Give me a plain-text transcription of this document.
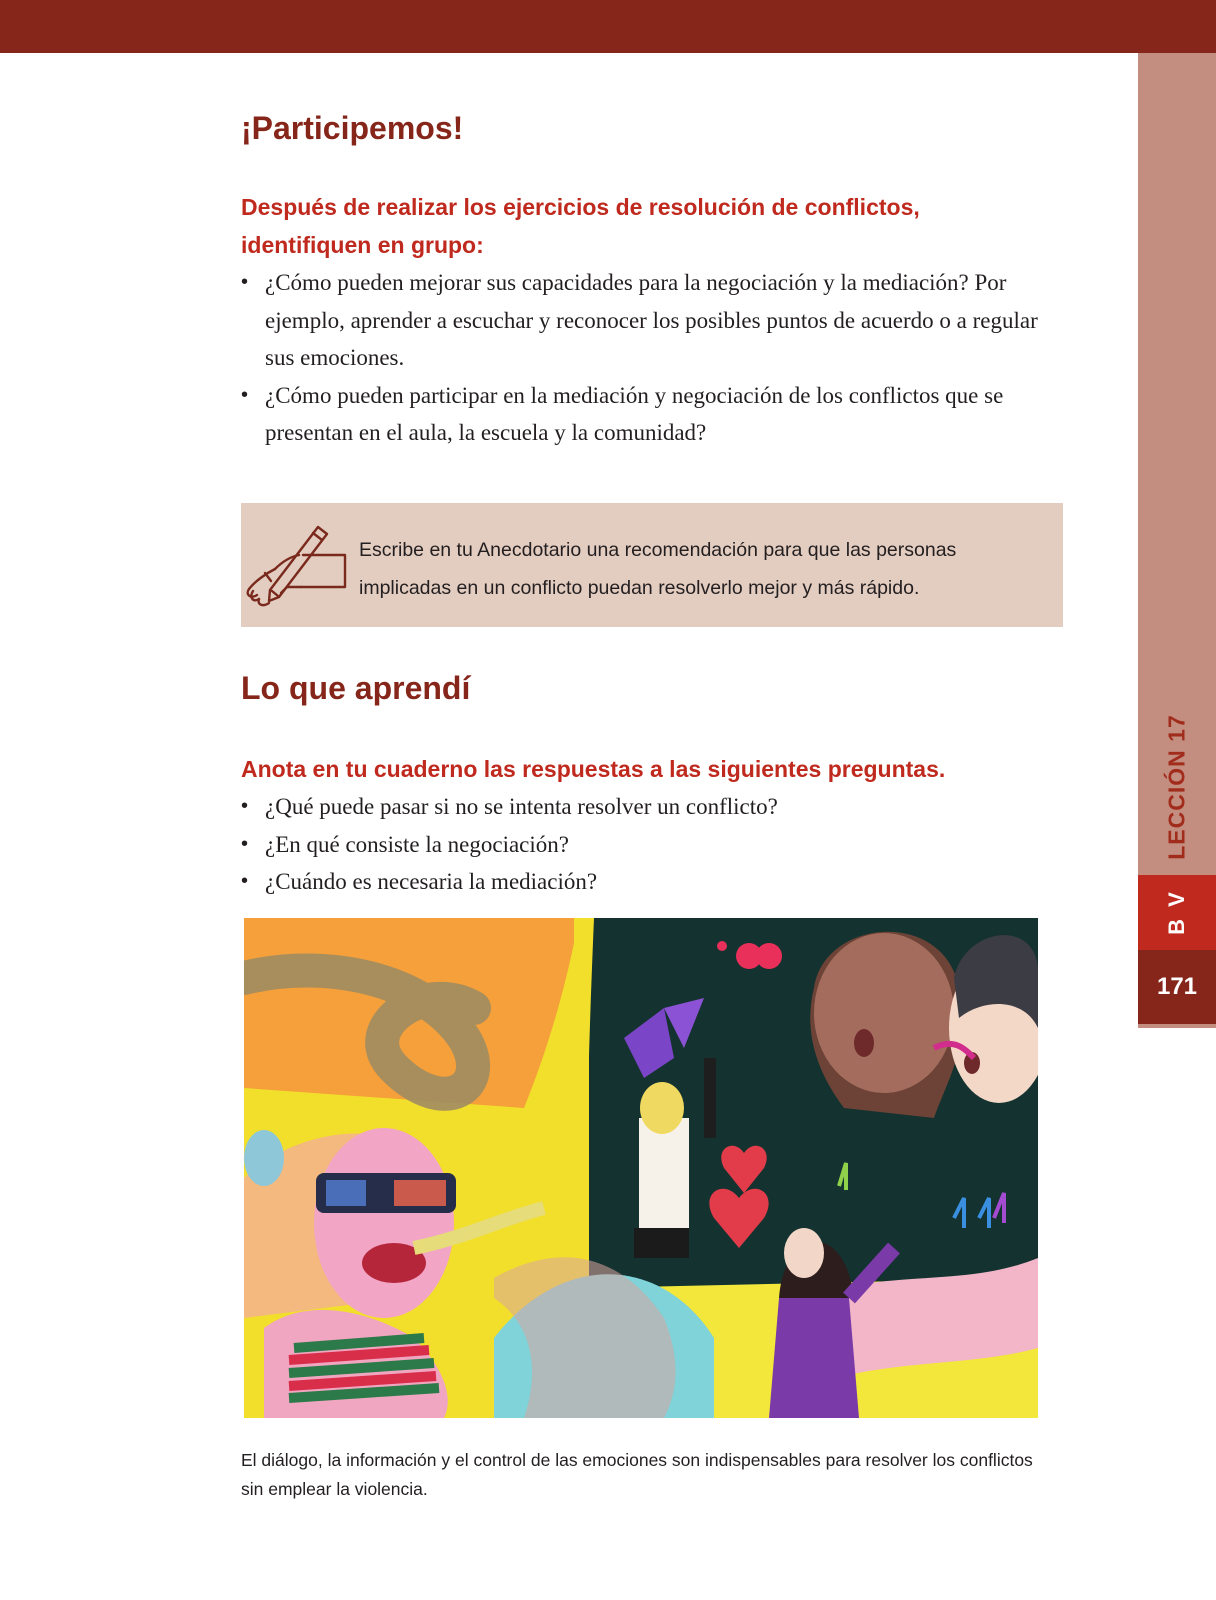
LECCIÓN 17
B V
171
¡Participemos!
Después de realizar los ejercicios de resolución de conflictos, identifiquen en grupo:
• ¿Cómo pueden mejorar sus capacidades para la negociación y la mediación? Por ejemplo, aprender a escuchar y reconocer los posibles puntos de acuerdo o a regular sus emociones.
• ¿Cómo pueden participar en la mediación y negociación de los conflictos que se presentan en el aula, la escuela y la comunidad?

Escribe en tu Anecdotario una recomendación para que las personas implicadas en un conflicto puedan resolverlo mejor y más rápido.

Lo que aprendí
Anota en tu cuaderno las respuestas a las siguientes preguntas.
• ¿Qué puede pasar si no se intenta resolver un conflicto?
• ¿En qué consiste la negociación?
• ¿Cuándo es necesaria la mediación?

El diálogo, la información y el control de las emociones son indispensables para resolver los conflictos sin emplear la violencia.
